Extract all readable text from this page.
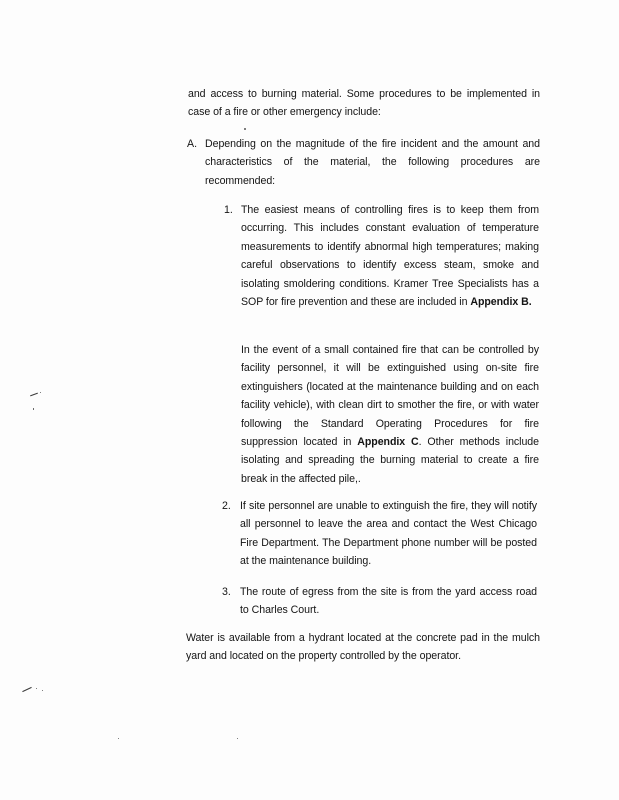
and access to burning material. Some procedures to be implemented in case of a fire or other emergency include:

A. Depending on the magnitude of the fire incident and the amount and characteristics of the material, the following procedures are recommended:

1. The easiest means of controlling fires is to keep them from occurring. This includes constant evaluation of temperature measurements to identify abnormal high temperatures; making careful observations to identify excess steam, smoke and isolating smoldering conditions. Kramer Tree Specialists has a SOP for fire prevention and these are included in Appendix B.

In the event of a small contained fire that can be controlled by facility personnel, it will be extinguished using on-site fire extinguishers (located at the maintenance building and on each facility vehicle), with clean dirt to smother the fire, or with water following the Standard Operating Procedures for fire suppression located in Appendix C. Other methods include isolating and spreading the burning material to create a fire break in the affected pile,.

2. If site personnel are unable to extinguish the fire, they will notify all personnel to leave the area and contact the West Chicago Fire Department. The Department phone number will be posted at the maintenance building.

3. The route of egress from the site is from the yard access road to Charles Court.

Water is available from a hydrant located at the concrete pad in the mulch yard and located on the property controlled by the operator.
